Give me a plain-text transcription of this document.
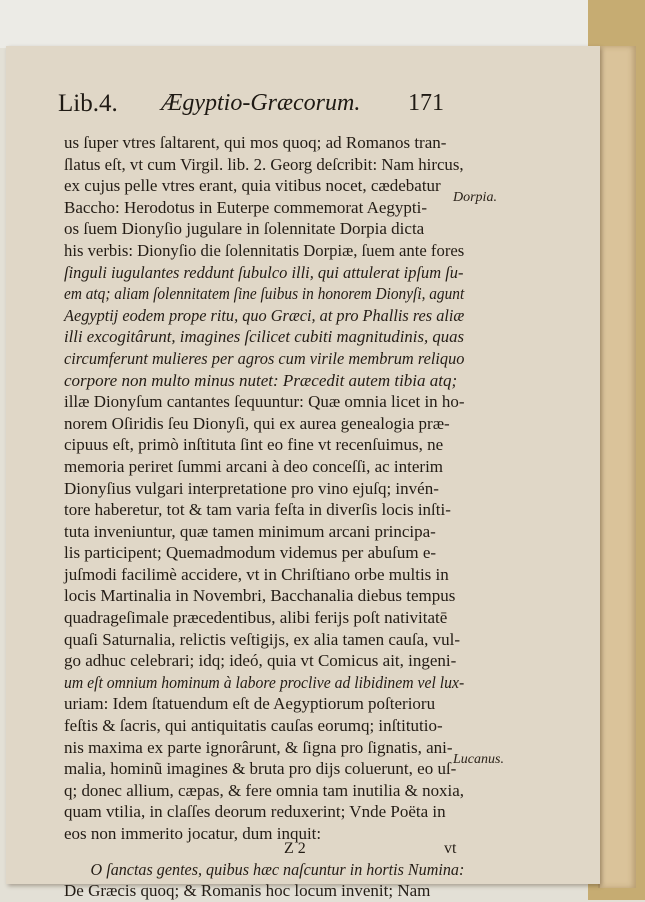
Lib.4. Ægyptio-Græcorum. 171
us ſuper vtres ſaltarent, qui mos quoq; ad Romanos tran-
ſlatus eſt, vt cum Virgil. lib. 2. Georg deſcribit: Nam hircus,
ex cujus pelle vtres erant, quia vitibus nocet, cædebatur
Baccho: Herodotus in Euterpe commemorat Aegypti-
os ſuem Dionyſio jugulare in ſolennitate Dorpia dicta
his verbis: Dionyſio die ſolennitatis Dorpiæ, ſuem ante fores
ſinguli iugulantes reddunt ſubulco illi, qui attulerat ipſum ſu-
em atq; aliam ſolennitatem ſine ſuibus in honorem Dionyſi, agunt
Aegyptij eodem prope ritu, quo Græci, at pro Phallis res aliæ
illi excogitârunt, imagines ſcilicet cubiti magnitudinis, quas
circumferunt mulieres per agros cum virile membrum reliquo
corpore non multo minus nutet: Præcedit autem tibia atq;
illæ Dionyſum cantantes ſequuntur: Quæ omnia licet in ho-
norem Oſiridis ſeu Dionyſi, qui ex aurea genealogia præ-
cipuus eſt, primò inſtituta ſint eo fine vt recenſuimus, ne
memoria periret ſummi arcani à deo conceſſi, ac interim
Dionyſius vulgari interpretatione pro vino ejuſq; invén-
tore haberetur, tot & tam varia feſta in diverſis locis inſti-
tuta inveniuntur, quæ tamen minimum arcani principa-
lis participent; Quemadmodum videmus per abuſum e-
juſmodi facilimè accidere, vt in Chriſtiano orbe multis in
locis Martinalia in Novembri, Bacchanalia diebus tempus
quadrageſimale præcedentibus, alibi ferijs poſt nativitatē
quaſi Saturnalia, relictis veſtigijs, ex alia tamen cauſa, vul-
go adhuc celebrari; idq; ideó, quia vt Comicus ait, ingeni-
um eſt omnium hominum à labore proclive ad libidinem vel lux-
uriam: Idem ſtatuendum eſt de Aegyptiorum poſterioru
feſtis & ſacris, qui antiquitatis cauſas eorumq; inſtitutio-
nis maxima ex parte ignorârunt, & ſigna pro ſignatis, ani-
malia, hominũ imagines & bruta pro dijs coluerunt, eo uſ-
q; donec allium, cæpas, & fere omnia tam inutilia & noxia,
quam vtilia, in claſſes deorum reduxerint; Vnde Poëta in
eos non immerito jocatur, dum inquit:
O ſanctas gentes, quibus hæc naſcuntur in hortis Numina:
De Græcis quoq; & Romanis hoc locum invenit; Nam
Dorpia.
Lucanus.
Z 2	vt
